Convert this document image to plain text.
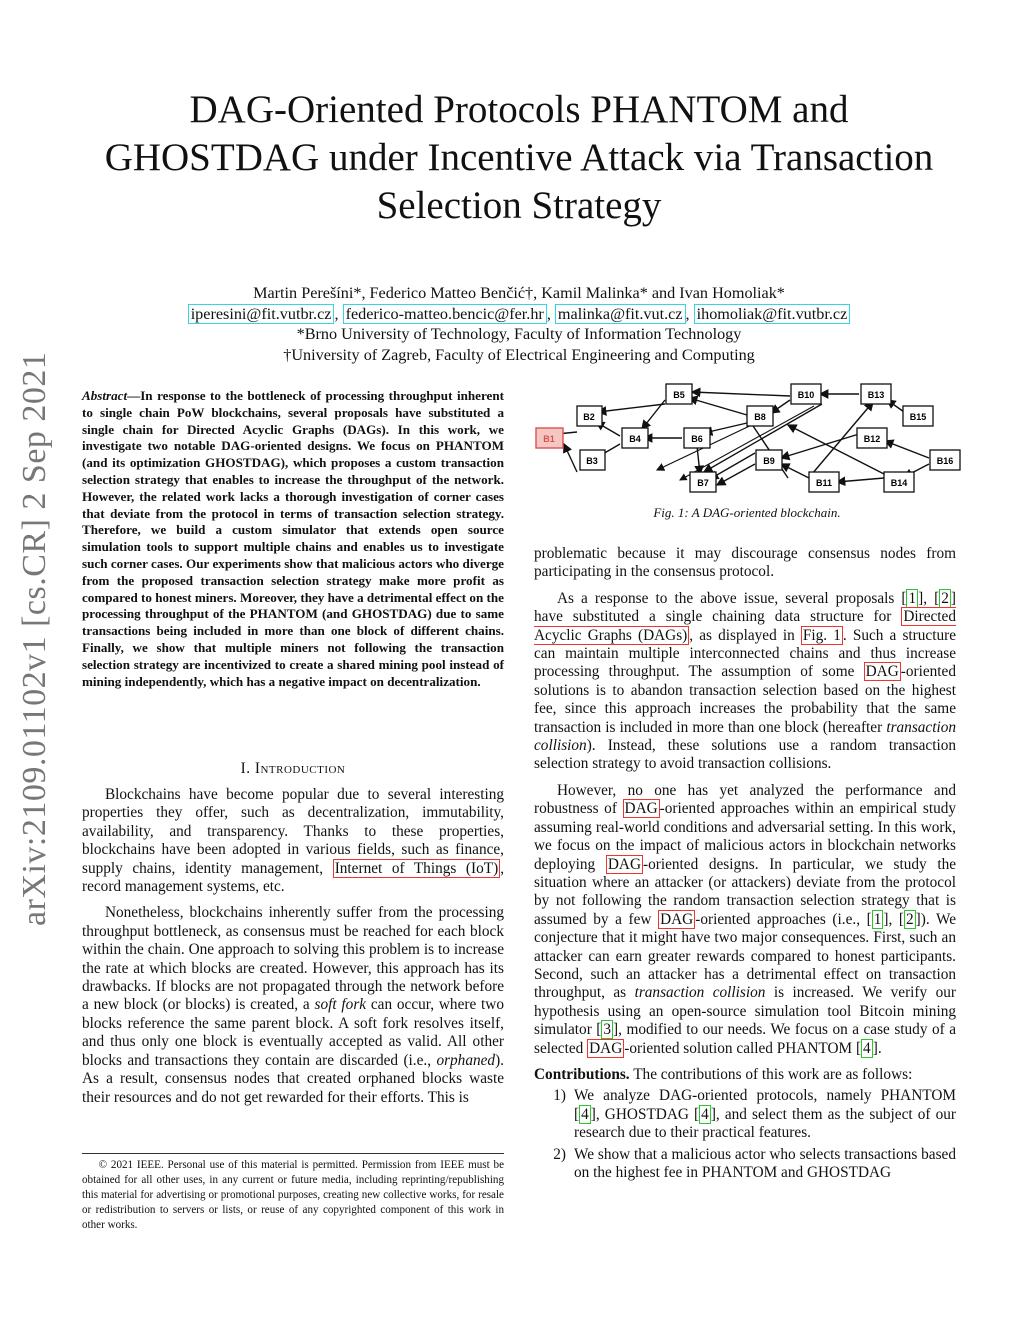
DAG-Oriented Protocols PHANTOM and
GHOSTDAG under Incentive Attack via Transaction
Selection Strategy
Martin Perešíni*, Federico Matteo Benčić†, Kamil Malinka* and Ivan Homoliak*
iperesini@fit.vutbr.cz , federico-matteo.bencic@fer.hr , malinka@fit.vut.cz , ihomoliak@fit.vutbr.cz
*Brno University of Technology, Faculty of Information Technology
†University of Zagreb, Faculty of Electrical Engineering and Computing
arXiv:2109.01102v1 [cs.CR] 2 Sep 2021 Abstract—In response to the bottleneck of processing throughput inherent to single chain PoW blockchains, several proposals have substituted a single chain for Directed Acyclic Graphs (DAGs). In this work, we investigate two notable DAG-oriented designs. We focus on PHANTOM (and its optimization GHOSTDAG), which proposes a custom transaction selection strategy that enables to increase the throughput of the network. However, the related work lacks a thorough investigation of corner cases that deviate from the protocol in terms of transaction selection strategy. Therefore, we build a custom simulator that extends open source simulation tools to support multiple chains and enables us to investigate such corner cases. Our experiments show that malicious actors who diverge from the proposed transaction selection strategy make more profit as compared to honest miners. Moreover, they have a detrimental effect on the processing throughput of the PHANTOM (and GHOSTDAG) due to same transactions being included in more than one block of different chains. Finally, we show that multiple miners not following the transaction selection strategy are incentivized to create a shared mining pool instead of mining independently, which has a negative impact on decentralization.
I. Introduction

Blockchains have become popular due to several interesting properties they offer, such as decentralization, immutability, availability, and transparency. Thanks to these properties, blockchains have been adopted in various fields, such as finance, supply chains, identity management, Internet of Things (IoT) , record management systems, etc.

Nonetheless, blockchains inherently suffer from the processing throughput bottleneck, as consensus must be reached for each block within the chain. One approach to solving this problem is to increase the rate at which blocks are created. However, this approach has its drawbacks. If blocks are not propagated through the network before a new block (or blocks) is created, a soft fork can occur, where two blocks reference the same parent block. A soft fork resolves itself, and thus only one block is eventually accepted as valid. All other blocks and transactions they contain are discarded (i.e., orphaned). As a result, consensus nodes that created orphaned blocks waste their resources and do not get rewarded for their efforts. This is

© 2021 IEEE. Personal use of this material is permitted. Permission from IEEE must be obtained for all other uses, in any current or future media, including reprinting/republishing this material for advertising or promotional purposes, creating new collective works, for resale or redistribution to servers or lists, or reuse of any copyrighted component of this work in other works.

B1
B2
B3
B4
B5
B6
B7
B8
B9
B10
B11
B12
B13
B14
B15
B16
Fig. 1: A DAG-oriented blockchain.

problematic because it may discourage consensus nodes from participating in the consensus protocol.

As a response to the above issue, several proposals [ 1 ], [ 2 ] have substituted a single chaining data structure for Directed Acyclic Graphs (DAGs) , as displayed in Fig. 1 . Such a structure can maintain multiple interconnected chains and thus increase processing throughput. The assumption of some DAG -oriented solutions is to abandon transaction selection based on the highest fee, since this approach increases the probability that the same transaction is included in more than one block (hereafter transaction collision). Instead, these solutions use a random transaction selection strategy to avoid transaction collisions.

However, no one has yet analyzed the performance and robustness of DAG -oriented approaches within an empirical study assuming real-world conditions and adversarial setting. In this work, we focus on the impact of malicious actors in blockchain networks deploying DAG -oriented designs. In particular, we study the situation where an attacker (or attackers) deviate from the protocol by not following the random transaction selection strategy that is assumed by a few DAG -oriented approaches (i.e., [ 1 ], [ 2 ]). We conjecture that it might have two major consequences. First, such an attacker can earn greater rewards compared to honest participants. Second, such an attacker has a detrimental effect on transaction throughput, as transaction collision is increased. We verify our hypothesis using an open-source simulation tool Bitcoin mining simulator [ 3 ], modified to our needs. We focus on a case study of a selected DAG -oriented solution called PHANTOM [ 4 ].

Contributions. The contributions of this work are as follows:

1) We analyze DAG-oriented protocols, namely PHANTOM [ 4 ], GHOSTDAG [ 4 ], and select them as the subject of our research due to their practical features.
2) We show that a malicious actor who selects transactions based on the highest fee in PHANTOM and GHOSTDAG
